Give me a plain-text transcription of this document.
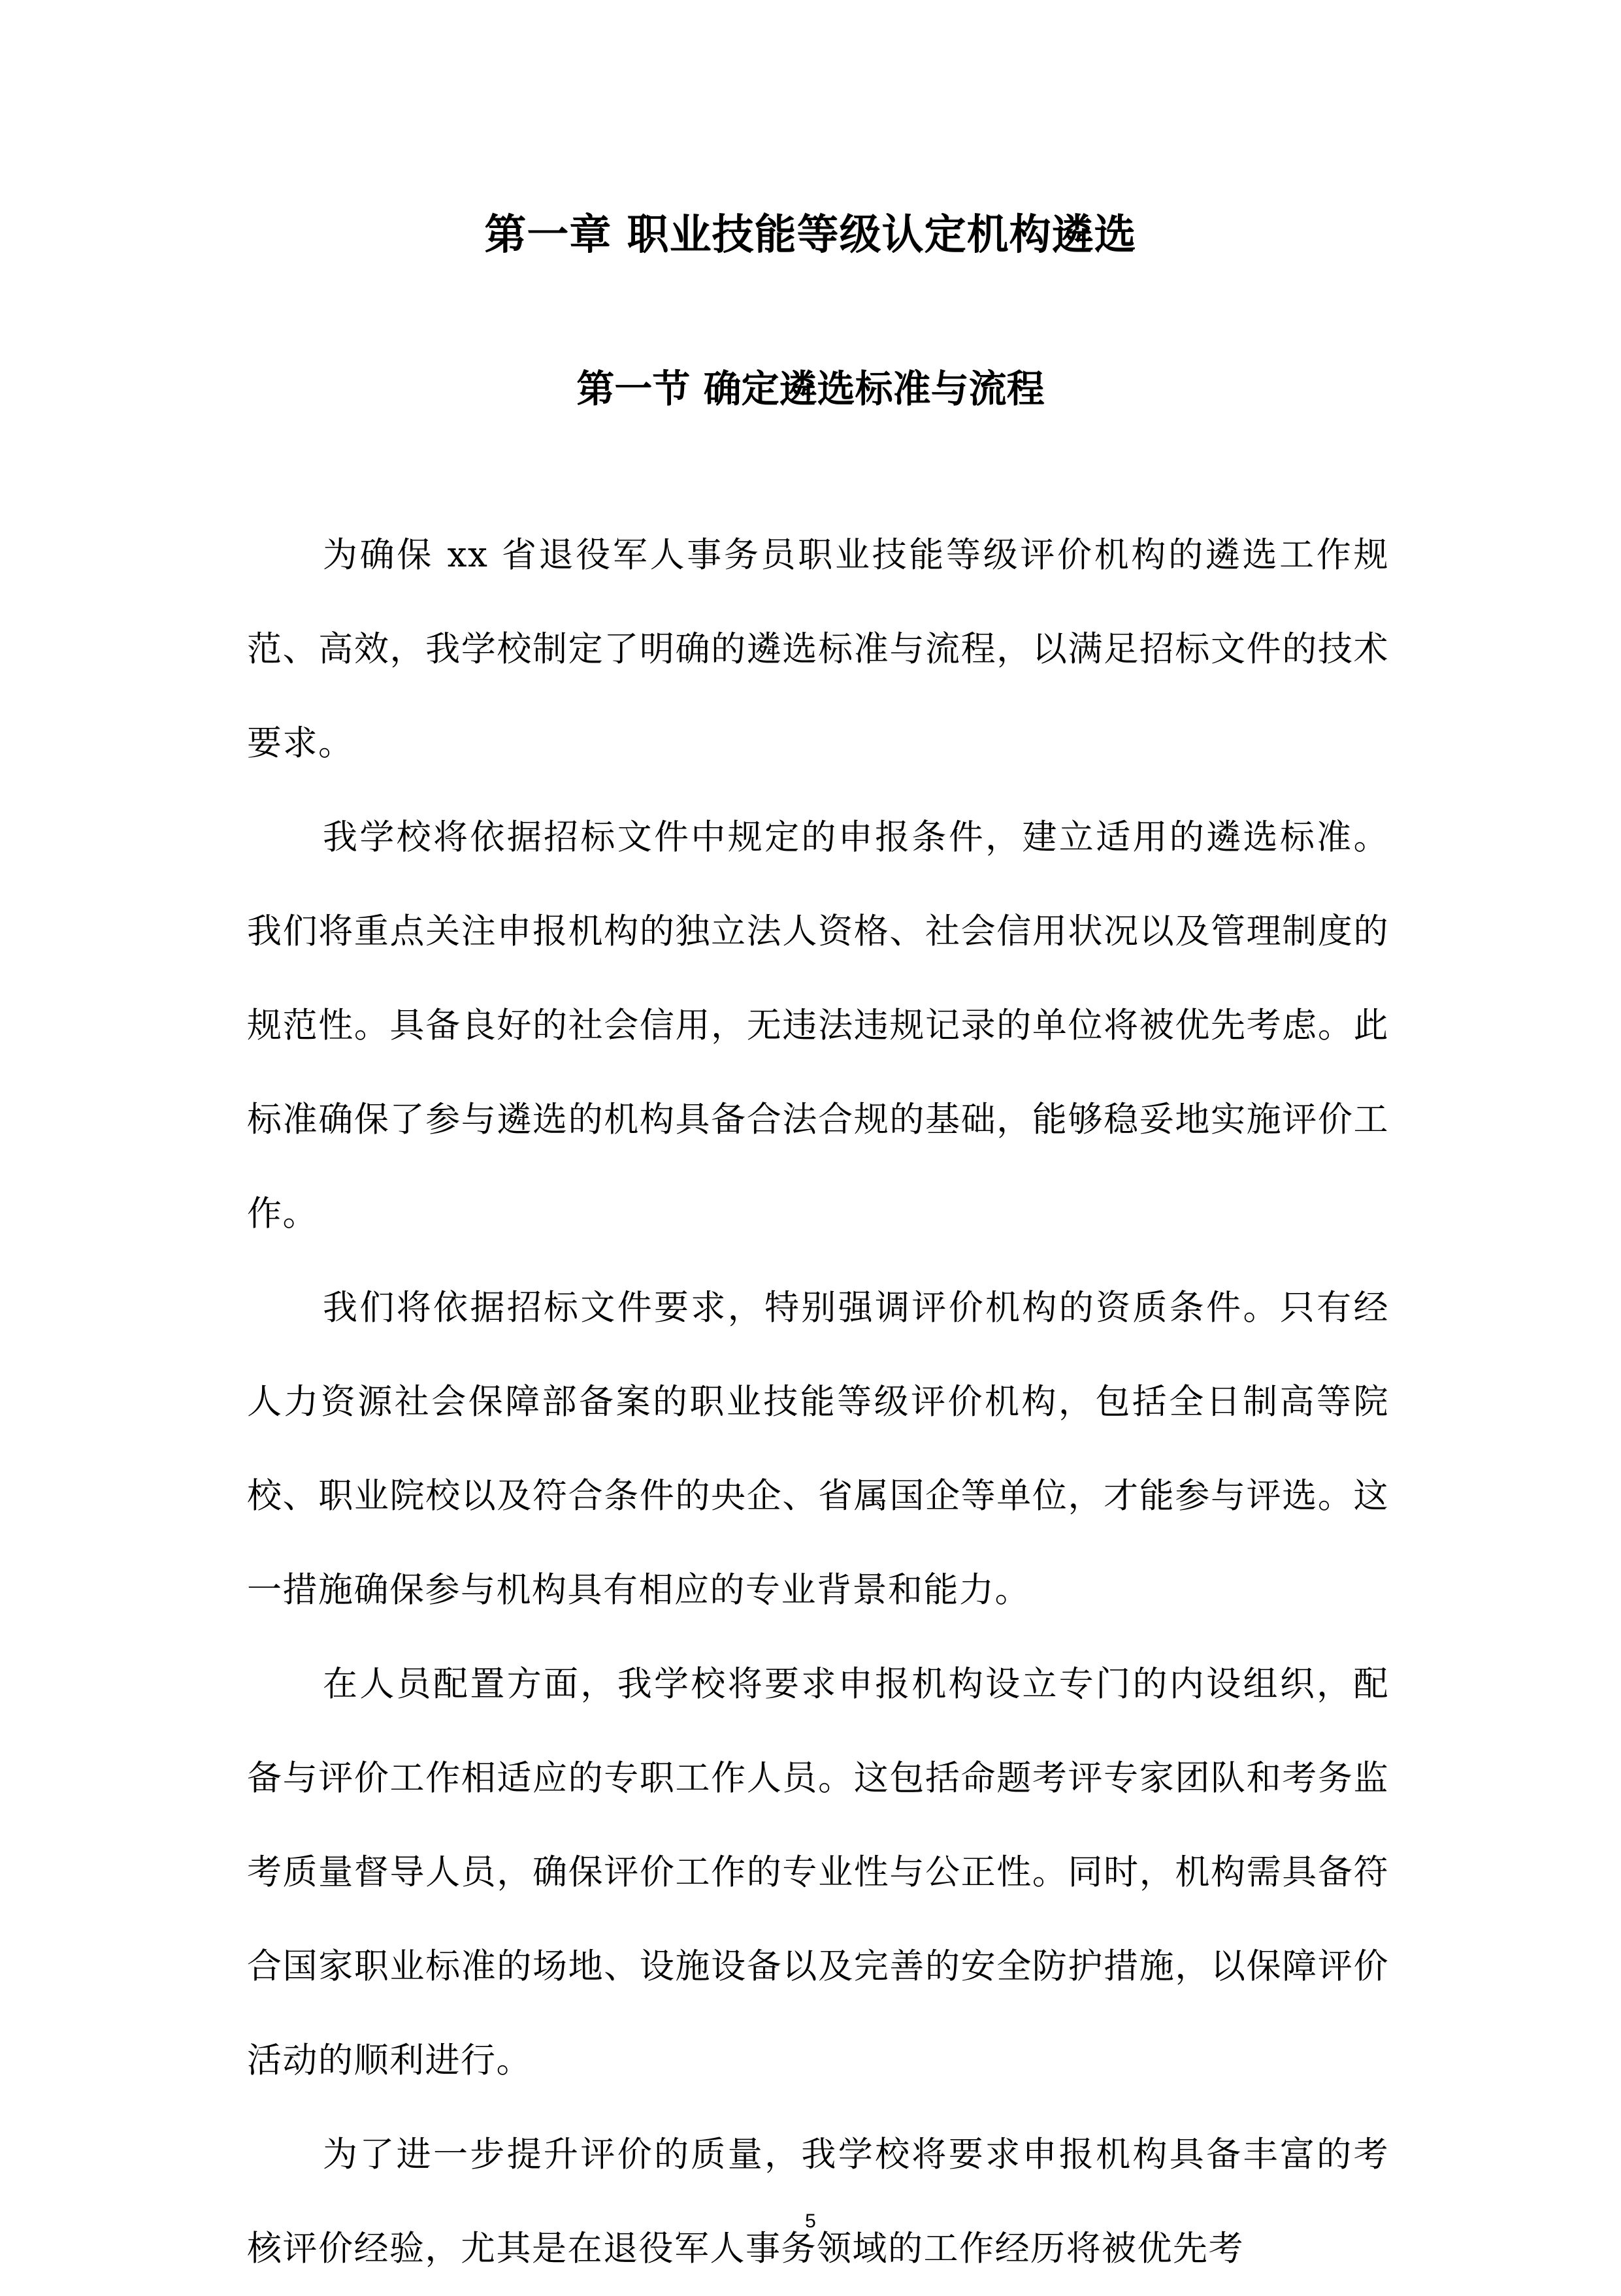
第一章 职业技能等级认定机构遴选
第一节 确定遴选标准与流程

为确保 xx 省退役军人事务员职业技能等级评价机构的遴选工作规范、高效，我学校制定了明确的遴选标准与流程，以满足招标文件的技术要求。

我学校将依据招标文件中规定的申报条件，建立适用的遴选标准。我们将重点关注申报机构的独立法人资格、社会信用状况以及管理制度的规范性。具备良好的社会信用，无违法违规记录的单位将被优先考虑。此标准确保了参与遴选的机构具备合法合规的基础，能够稳妥地实施评价工作。

我们将依据招标文件要求，特别强调评价机构的资质条件。只有经人力资源社会保障部备案的职业技能等级评价机构，包括全日制高等院校、职业院校以及符合条件的央企、省属国企等单位，才能参与评选。这一措施确保参与机构具有相应的专业背景和能力。

在人员配置方面，我学校将要求申报机构设立专门的内设组织，配备与评价工作相适应的专职工作人员。这包括命题考评专家团队和考务监考质量督导人员，确保评价工作的专业性与公正性。同时，机构需具备符合国家职业标准的场地、设施设备以及完善的安全防护措施，以保障评价活动的顺利进行。

为了进一步提升评价的质量，我学校将要求申报机构具备丰富的考核评价经验，尤其是在退役军人事务领域的工作经历将被优先考

5
